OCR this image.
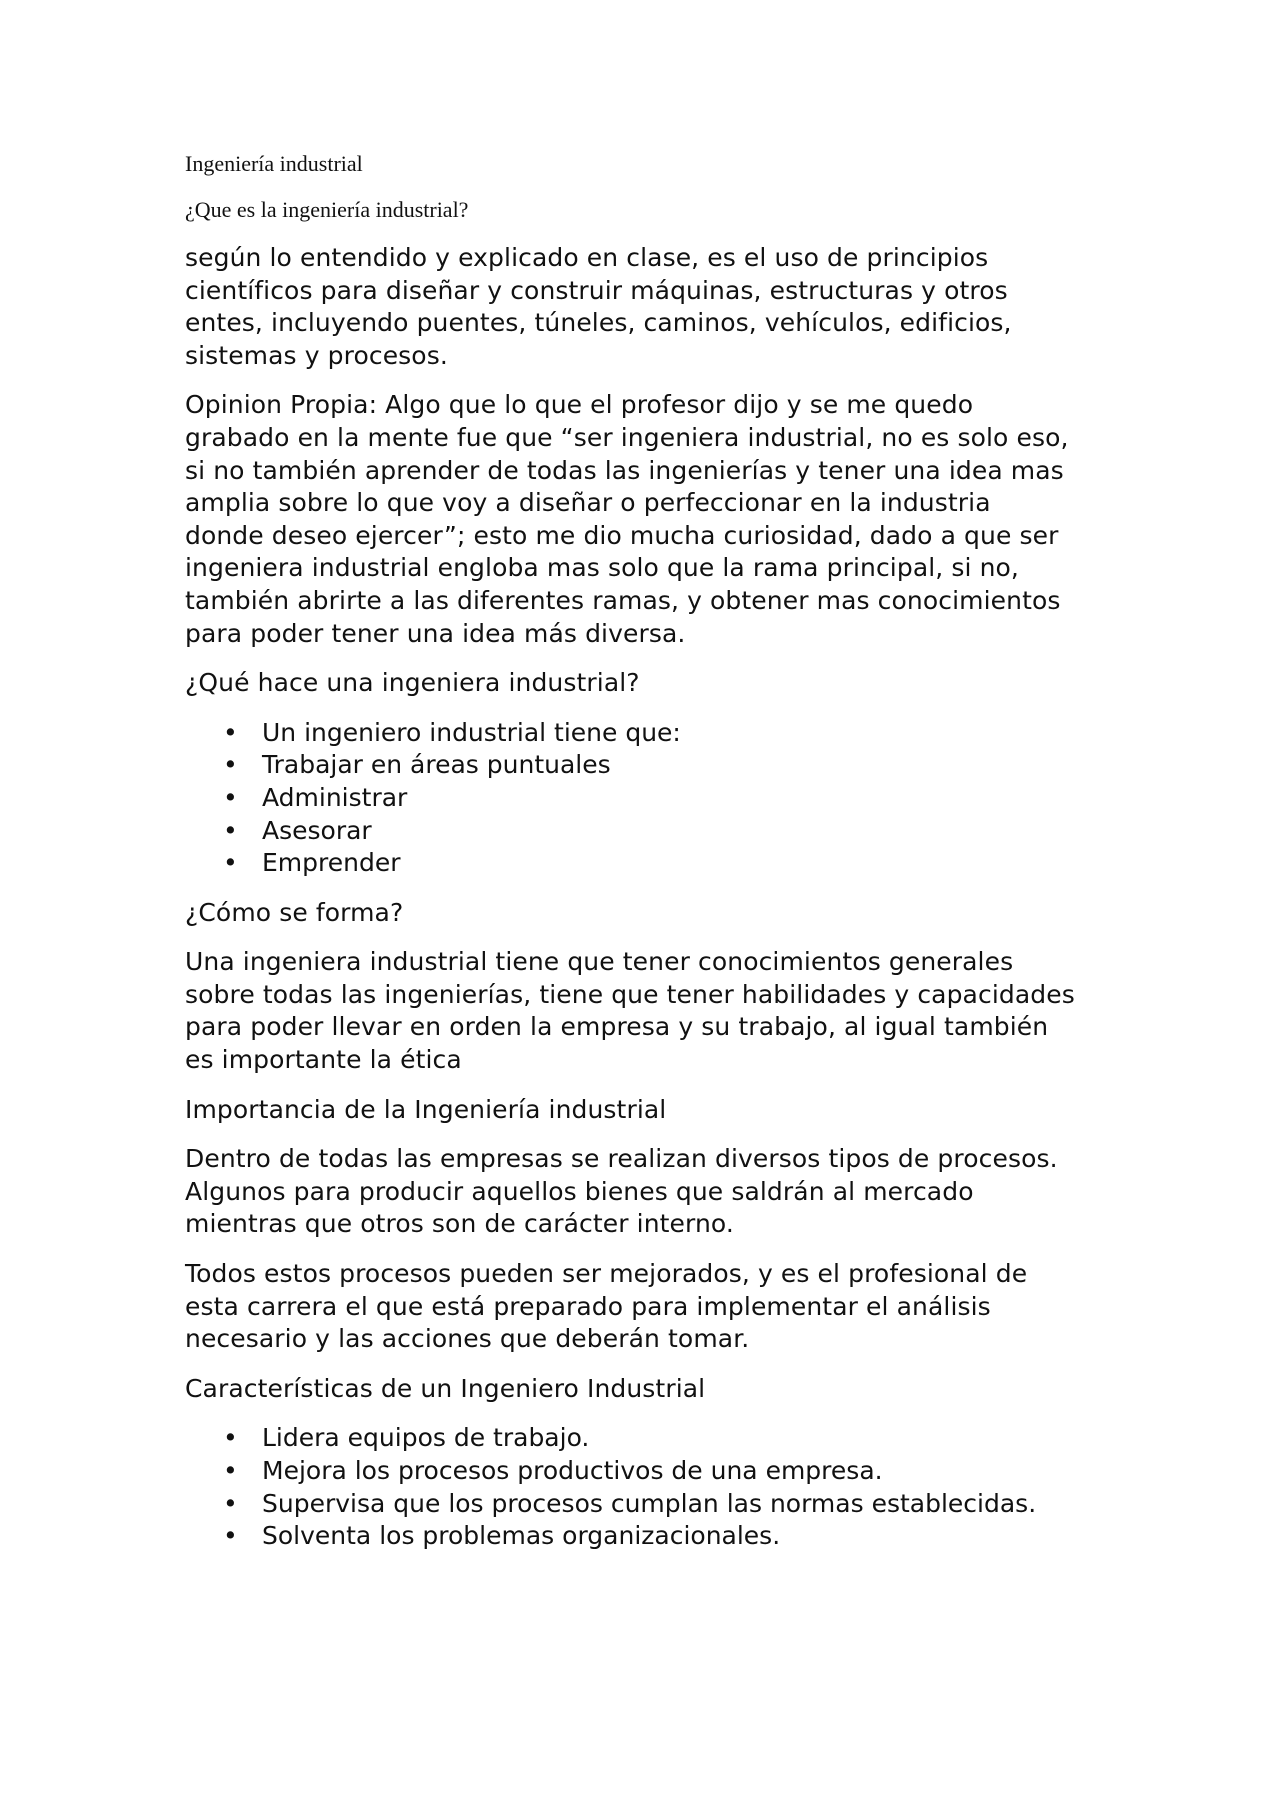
Ingeniería industrial

¿Que es la ingeniería industrial?

según lo entendido y explicado en clase, es el uso de principios
científicos para diseñar y construir máquinas, estructuras y otros
entes, incluyendo puentes, túneles, caminos, vehículos, edificios,
sistemas y procesos.

Opinion Propia: Algo que lo que el profesor dijo y se me quedo
grabado en la mente fue que “ser ingeniera industrial, no es solo eso,
si no también aprender de todas las ingenierías y tener una idea mas
amplia sobre lo que voy a diseñar o perfeccionar en la industria
donde deseo ejercer”; esto me dio mucha curiosidad, dado a que ser
ingeniera industrial engloba mas solo que la rama principal, si no,
también abrirte a las diferentes ramas, y obtener mas conocimientos
para poder tener una idea más diversa.

¿Qué hace una ingeniera industrial?

• Un ingeniero industrial tiene que:
• Trabajar en áreas puntuales
• Administrar
• Asesorar
• Emprender

¿Cómo se forma?

Una ingeniera industrial tiene que tener conocimientos generales
sobre todas las ingenierías, tiene que tener habilidades y capacidades
para poder llevar en orden la empresa y su trabajo, al igual también
es importante la ética

Importancia de la Ingeniería industrial

Dentro de todas las empresas se realizan diversos tipos de procesos.
Algunos para producir aquellos bienes que saldrán al mercado
mientras que otros son de carácter interno.

Todos estos procesos pueden ser mejorados, y es el profesional de
esta carrera el que está preparado para implementar el análisis
necesario y las acciones que deberán tomar.

Características de un Ingeniero Industrial

• Lidera equipos de trabajo.
• Mejora los procesos productivos de una empresa.
• Supervisa que los procesos cumplan las normas establecidas.
• Solventa los problemas organizacionales.
